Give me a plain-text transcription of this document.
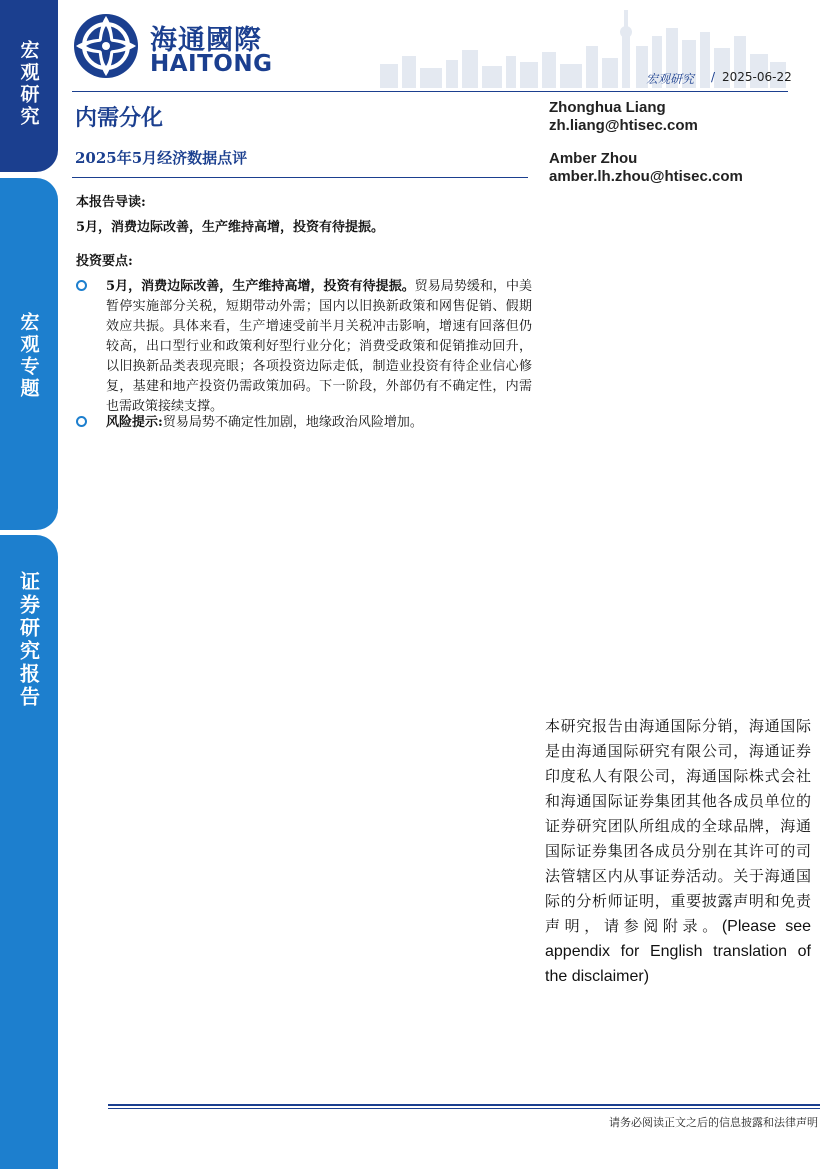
宏观研究
宏观专题
证券研究报告
海通國際
HAITONG
宏观研究 / 2025-06-22
内需分化
2025年5月经济数据点评
Zhonghua Liang
zh.liang@htisec.com
Amber Zhou
amber.lh.zhou@htisec.com
本报告导读:
5月，消费边际改善，生产维持高增，投资有待提振。
投资要点:
5月，消费边际改善，生产维持高增，投资有待提振。贸易局势缓和，中美暂停实施部分关税，短期带动外需；国内以旧换新政策和网售促销、假期效应共振。具体来看，生产增速受前半月关税冲击影响，增速有回落但仍较高，出口型行业和政策利好型行业分化；消费受政策和促销推动回升，以旧换新品类表现亮眼；各项投资边际走低，制造业投资有待企业信心修复，基建和地产投资仍需政策加码。下一阶段，外部仍有不确定性，内需也需政策接续支撑。
风险提示:贸易局势不确定性加剧，地缘政治风险增加。
本研究报告由海通国际分销，海通国际是由海通国际研究有限公司，海通证券印度私人有限公司，海通国际株式会社和海通国际证券集团其他各成员单位的证券研究团队所组成的全球品牌，海通国际证券集团各成员分别在其许可的司法管辖区内从事证券活动。关于海通国际的分析师证明，重要披露声明和免责声明，请参阅附录。(Please see appendix for English translation of the disclaimer)
请务必阅读正文之后的信息披露和法律声明
